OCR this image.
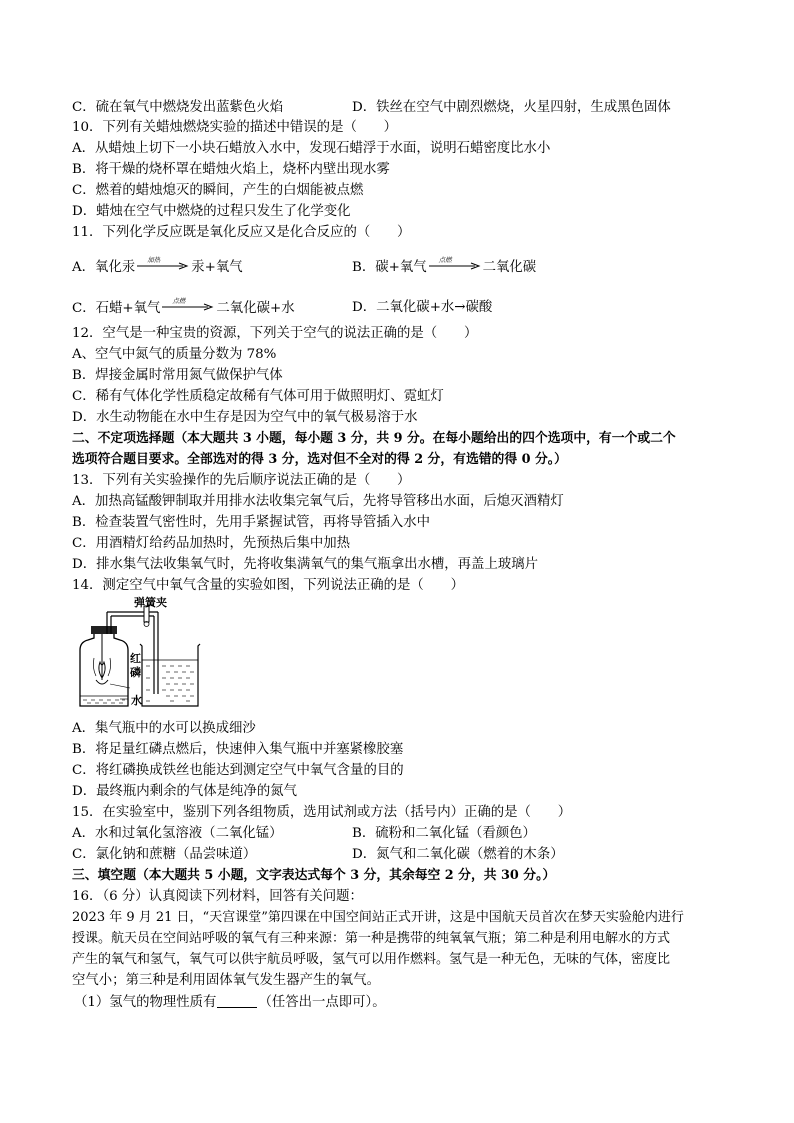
C．硫在氧气中燃烧发出蓝紫色火焰	D．铁丝在空气中剧烈燃烧，火星四射，生成黑色固体
10．下列有关蜡烛燃烧实验的描述中错误的是（　　）
A．从蜡烛上切下一小块石蜡放入水中，发现石蜡浮于水面，说明石蜡密度比水小
B．将干燥的烧杯罩在蜡烛火焰上，烧杯内壁出现水雾
C．燃着的蜡烛熄灭的瞬间，产生的白烟能被点燃
D．蜡烛在空气中燃烧的过程只发生了化学变化
11．下列化学反应既是氧化反应又是化合反应的（　　）
A．氧化汞 加热 汞+氧气	B．碳+氧气 点燃 二氧化碳
C．石蜡+氧气 点燃 二氧化碳+水	D．二氧化碳+水→碳酸
12．空气是一种宝贵的资源，下列关于空气的说法正确的是（　　）
A、空气中氮气的质量分数为 78%
B．焊接金属时常用氮气做保护气体
C．稀有气体化学性质稳定故稀有气体可用于做照明灯、霓虹灯
D．水生动物能在水中生存是因为空气中的氧气极易溶于水
二、不定项选择题（本大题共 3 小题，每小题 3 分，共 9 分。在每小题给出的四个选项中，有一个或二个
选项符合题目要求。全部选对的得 3 分，选对但不全对的得 2 分，有选错的得 0 分。）
13．下列有关实验操作的先后顺序说法正确的是（　　）
A．加热高锰酸钾制取并用排水法收集完氧气后，先将导管移出水面，后熄灭酒精灯
B．检查装置气密性时，先用手紧握试管，再将导管插入水中
C．用酒精灯给药品加热时，先预热后集中加热
D．排水集气法收集氧气时，先将收集满氧气的集气瓶拿出水槽，再盖上玻璃片
14．测定空气中氧气含量的实验如图，下列说法正确的是（　　）
弹簧夹
红
磷
水
A．集气瓶中的水可以换成细沙
B．将足量红磷点燃后，快速伸入集气瓶中并塞紧橡胶塞
C．将红磷换成铁丝也能达到测定空气中氧气含量的目的
D．最终瓶内剩余的气体是纯净的氮气
15．在实验室中，鉴别下列各组物质，选用试剂或方法（括号内）正确的是（　　）
A．水和过氧化氢溶液（二氧化锰）	B．硫粉和二氧化锰（看颜色）
C．氯化钠和蔗糖（品尝味道）	D．氮气和二氧化碳（燃着的木条）
三、填空题（本大题共 5 小题，文字表达式每个 3 分，其余每空 2 分，共 30 分。）
16．（6 分）认真阅读下列材料，回答有关问题：
2023 年 9 月 21 日，“天宫课堂”第四课在中国空间站正式开讲，这是中国航天员首次在梦天实验舱内进行
授课。航天员在空间站呼吸的氧气有三种来源：第一种是携带的纯氧氧气瓶；第二种是利用电解水的方式
产生的氧气和氢气，氧气可以供宇航员呼吸，氢气可以用作燃料。氢气是一种无色，无味的气体，密度比
空气小；第三种是利用固体氧气发生器产生的氧气。
（1）氢气的物理性质有	（任答出一点即可）。
